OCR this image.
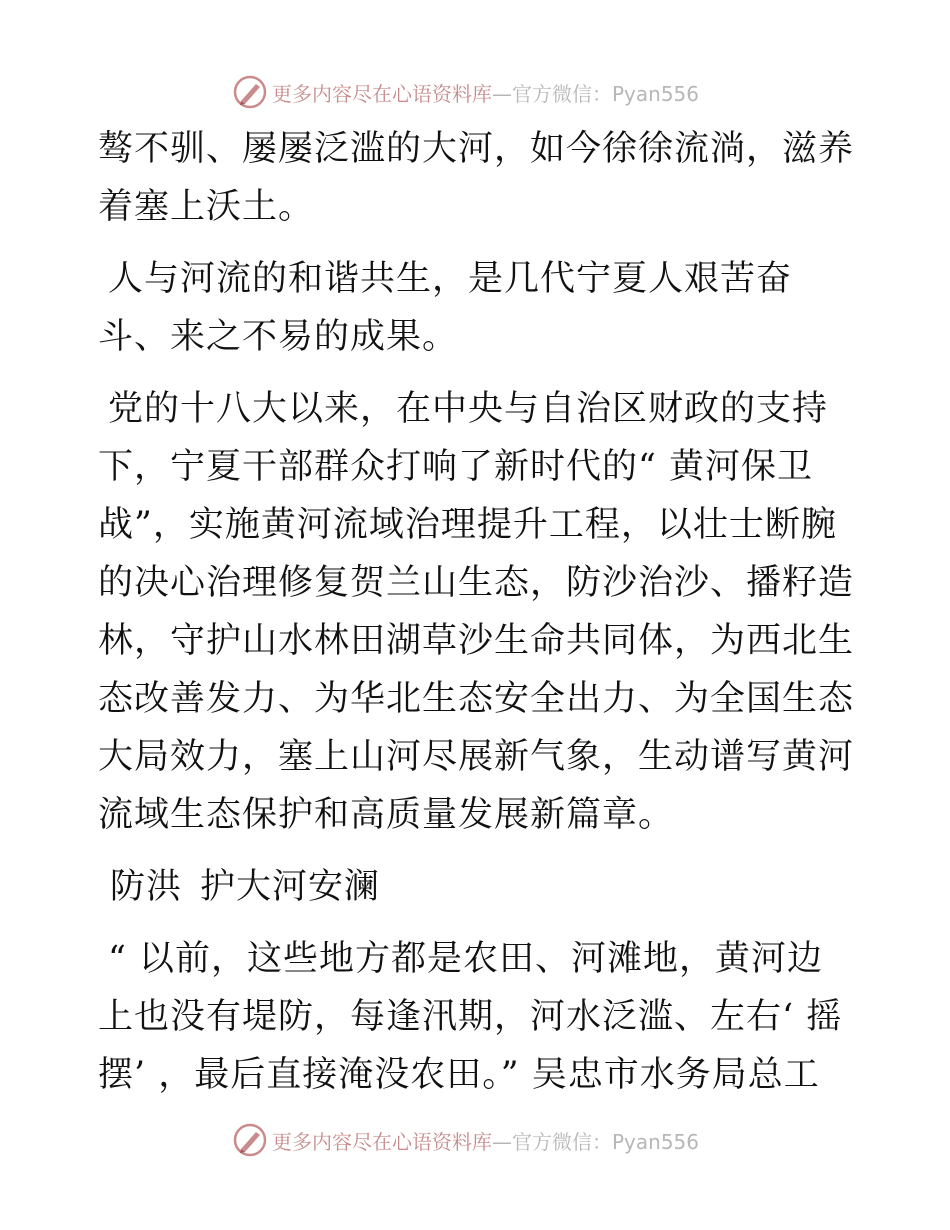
更多内容尽在心语资料库 —官方微信：Pyan556

骜不驯、屡屡泛滥的大河，如今徐徐流淌，滋养着塞上沃土。

人与河流的和谐共生，是几代宁夏人艰苦奋斗、来之不易的成果。

党的十八大以来，在中央与自治区财政的支持下，宁夏干部群众打响了新时代的“ 黄河保卫战”，实施黄河流域治理提升工程，以壮士断腕的决心治理修复贺兰山生态，防沙治沙、播籽造林，守护山水林田湖草沙生命共同体，为西北生态改善发力、为华北生态安全出力、为全国生态大局效力，塞上山河尽展新气象，生动谱写黄河流域生态保护和高质量发展新篇章。

防洪 护大河安澜

“ 以前，这些地方都是农田、河滩地，黄河边上也没有堤防，每逢汛期，河水泛滥、左右‘ 摇摆’ ，最后直接淹没农田。” 吴忠市水务局总工

更多内容尽在心语资料库 —官方微信：Pyan556
